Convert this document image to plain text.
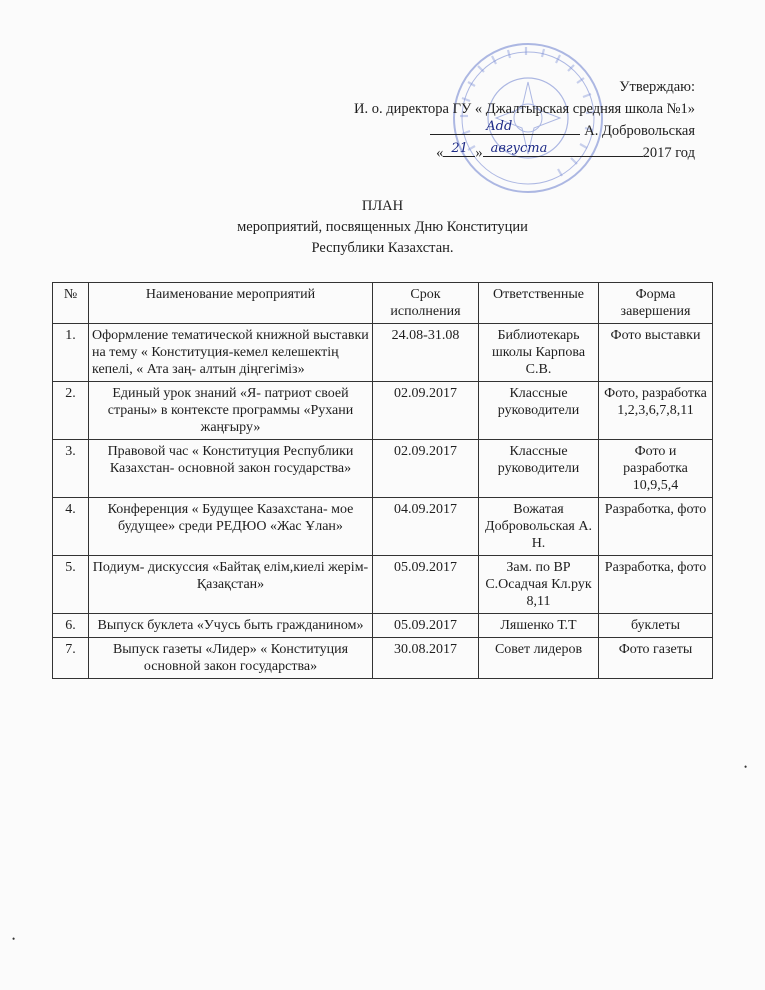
Утверждаю:
И. о. директора ГУ « Джалтырская средняя школа №1»
Add	А. Добровольская
« 21 » августа	2017 год
ПЛАН
мероприятий, посвященных Дню Конституции
Республики Казахстан.
№	Наименование мероприятий	Срок исполнения	Ответственные	Форма завершения
1.	Оформление тематической книжной выставки на тему « Конституция-кемел келешектің кепелі, « Ата заң- алтын діңгегіміз»	24.08-31.08	Библиотекарь школы Карпова С.В.	Фото выставки
2.	Единый урок знаний «Я- патриот своей страны» в контексте программы «Рухани жаңғыру»	02.09.2017	Классные руководители	Фото, разработка 1,2,3,6,7,8,11
3.	Правовой час « Конституция Республики Казахстан- основной закон государства»	02.09.2017	Классные руководители	Фото и разработка 10,9,5,4
4.	Конференция « Будущее Казахстана- мое будущее» среди РЕДЮО «Жас Ұлан»	04.09.2017	Вожатая Добровольская А. Н.	Разработка, фото
5.	Подиум- дискуссия «Байтақ елім,киелі жерім- Қазақстан»	05.09.2017	Зам. по ВР С.Осадчая Кл.рук 8,11	Разработка, фото
6.	Выпуск буклета «Учусь быть гражданином»	05.09.2017	Ляшенко Т.Т	буклеты
7.	Выпуск газеты «Лидер» « Конституция основной закон государства»	30.08.2017	Совет лидеров	Фото газеты
•
•
